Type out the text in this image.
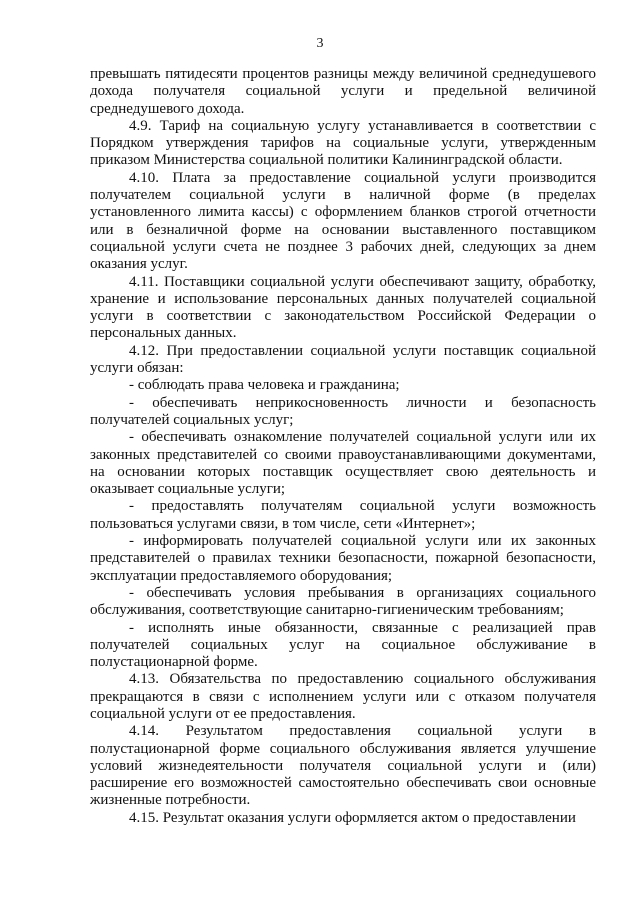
3

превышать пятидесяти процентов разницы между величиной среднедушевого дохода получателя социальной услуги и предельной величиной среднедушевого дохода.

4.9. Тариф на социальную услугу устанавливается в соответствии с Порядком утверждения тарифов на социальные услуги, утвержденным приказом Министерства социальной политики Калининградской области.

4.10. Плата за предоставление социальной услуги производится получателем социальной услуги в наличной форме (в пределах установленного лимита кассы) с оформлением бланков строгой отчетности или в безналичной форме на основании выставленного поставщиком социальной услуги счета не позднее 3 рабочих дней, следующих за днем оказания услуг.

4.11. Поставщики социальной услуги обеспечивают защиту, обработку, хранение и использование персональных данных получателей социальной услуги в соответствии с законодательством Российской Федерации о персональных данных.

4.12. При предоставлении социальной услуги поставщик социальной услуги обязан:

- соблюдать права человека и гражданина;

- обеспечивать неприкосновенность личности и безопасность получателей социальных услуг;

- обеспечивать ознакомление получателей социальной услуги или их законных представителей со своими правоустанавливающими документами, на основании которых поставщик осуществляет свою деятельность и оказывает социальные услуги;

- предоставлять получателям социальной услуги возможность пользоваться услугами связи, в том числе, сети «Интернет»;

- информировать получателей социальной услуги или их законных представителей о правилах техники безопасности, пожарной безопасности, эксплуатации предоставляемого оборудования;

- обеспечивать условия пребывания в организациях социального обслуживания, соответствующие санитарно-гигиеническим требованиям;

- исполнять иные обязанности, связанные с реализацией прав получателей социальных услуг на социальное обслуживание в полустационарной форме.

4.13. Обязательства по предоставлению социального обслуживания прекращаются в связи с исполнением услуги или с отказом получателя социальной услуги от ее предоставления.

4.14. Результатом предоставления социальной услуги в полустационарной форме социального обслуживания является улучшение условий жизнедеятельности получателя социальной услуги и (или) расширение его возможностей самостоятельно обеспечивать свои основные жизненные потребности.

4.15. Результат оказания услуги оформляется актом о предоставлении
